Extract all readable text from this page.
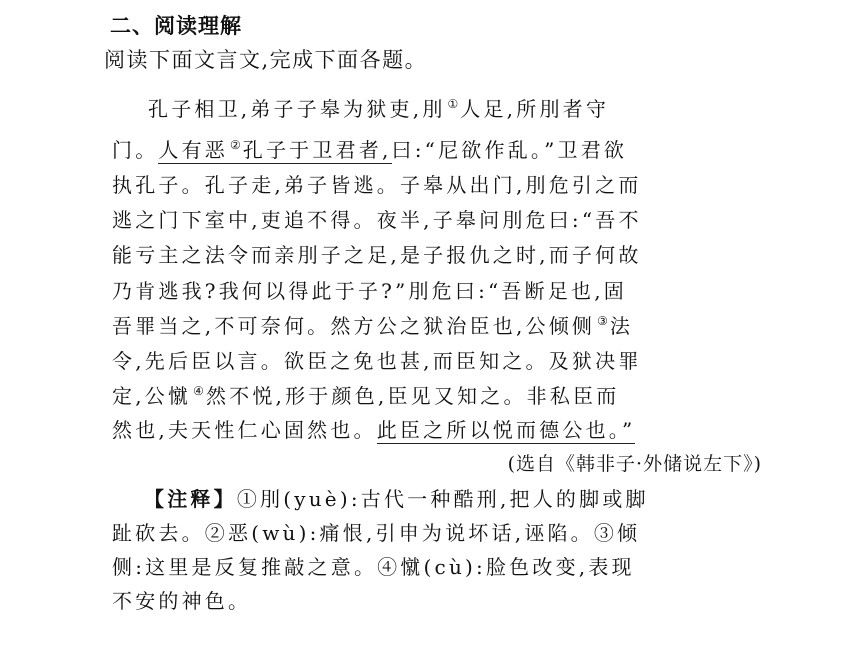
二、阅读理解
阅读下面文言文,完成下面各题。
孔子相卫,弟子子皋为狱吏,刖 ① 人足,所刖者守
门。人有恶 ② 孔子于卫君者,曰:“尼欲作乱。”卫君欲
执孔子。孔子走,弟子皆逃。子皋从出门,刖危引之而
逃之门下室中,吏追不得。夜半,子皋问刖危曰:“吾不
能亏主之法令而亲刖子之足,是子报仇之时,而子何故
乃肯逃我?我何以得此于子?”刖危曰:“吾断足也,固
吾罪当之,不可奈何。然方公之狱治臣也,公倾侧 ③ 法
令,先后臣以言。欲臣之免也甚,而臣知之。及狱决罪
定,公憱 ④ 然不悦,形于颜色,臣见又知之。非私臣而
然也,夫天性仁心固然也。此臣之所以悦而德公也。”
(选自《韩非子·外储说左下》)
【注释】①刖(yuè):古代一种酷刑,把人的脚或脚
趾砍去。②恶(wù):痛恨,引申为说坏话,诬陷。③倾
侧:这里是反复推敲之意。④憱(cù):脸色改变,表现
不安的神色。
